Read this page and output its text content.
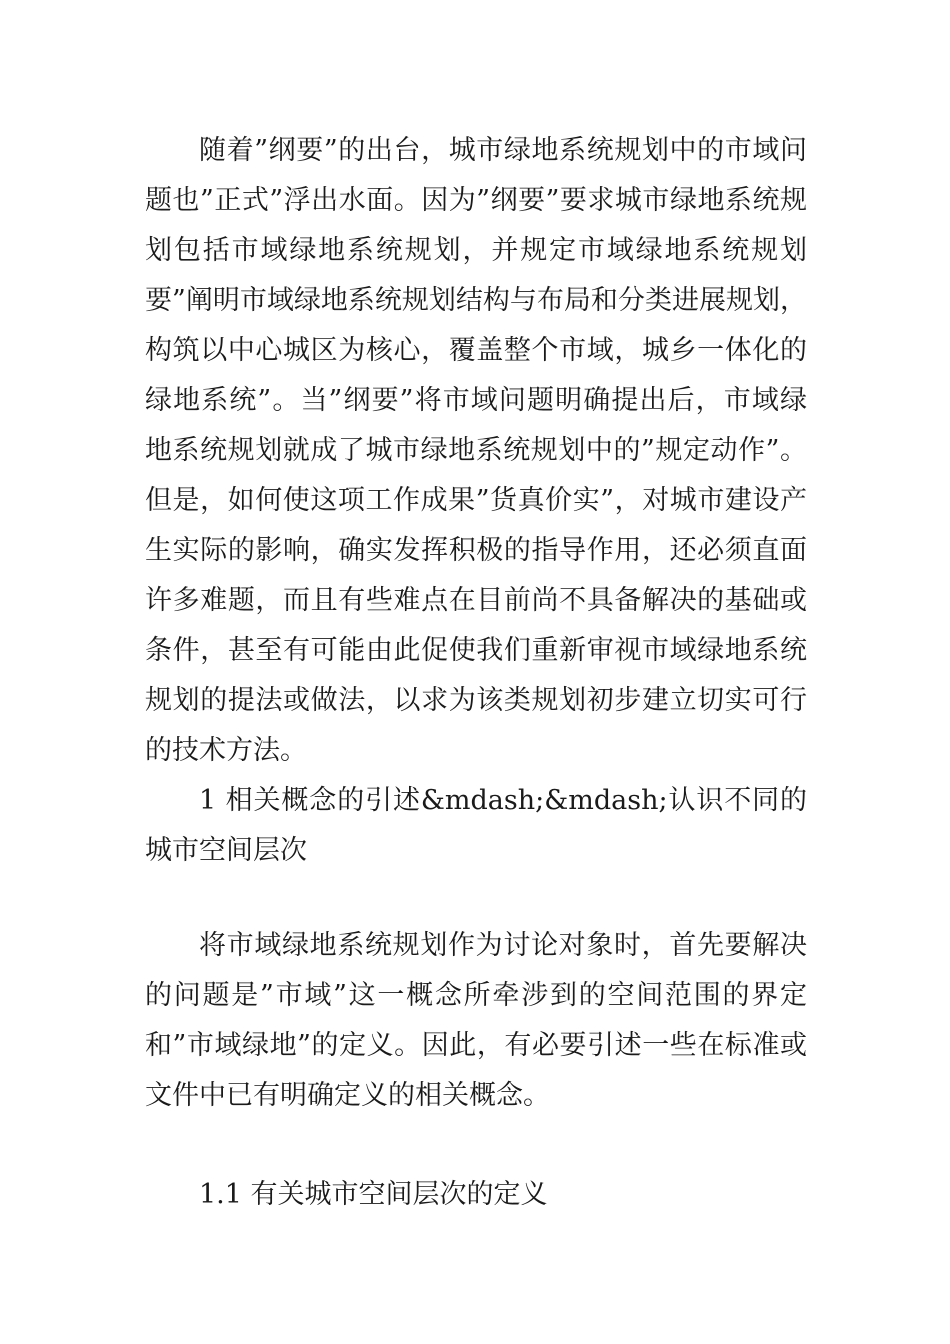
随着”纲要”的出台，城市绿地系统规划中的市域问题也”正式”浮出水面。因为”纲要”要求城市绿地系统规划包括市域绿地系统规划，并规定市域绿地系统规划要”阐明市域绿地系统规划结构与布局和分类进展规划，构筑以中心城区为核心，覆盖整个市域，城乡一体化的绿地系统”。当”纲要”将市域问题明确提出后，市域绿地系统规划就成了城市绿地系统规划中的”规定动作”。但是，如何使这项工作成果”货真价实”，对城市建设产生实际的影响，确实发挥积极的指导作用，还必须直面许多难题，而且有些难点在目前尚不具备解决的基础或条件，甚至有可能由此促使我们重新审视市域绿地系统规划的提法或做法，以求为该类规划初步建立切实可行的技术方法。

1 相关概念的引述&mdash;&mdash;认识不同的城市空间层次

将市域绿地系统规划作为讨论对象时，首先要解决的问题是”市域”这一概念所牵涉到的空间范围的界定和”市域绿地”的定义。因此，有必要引述一些在标准或文件中已有明确定义的相关概念。

1.1 有关城市空间层次的定义
